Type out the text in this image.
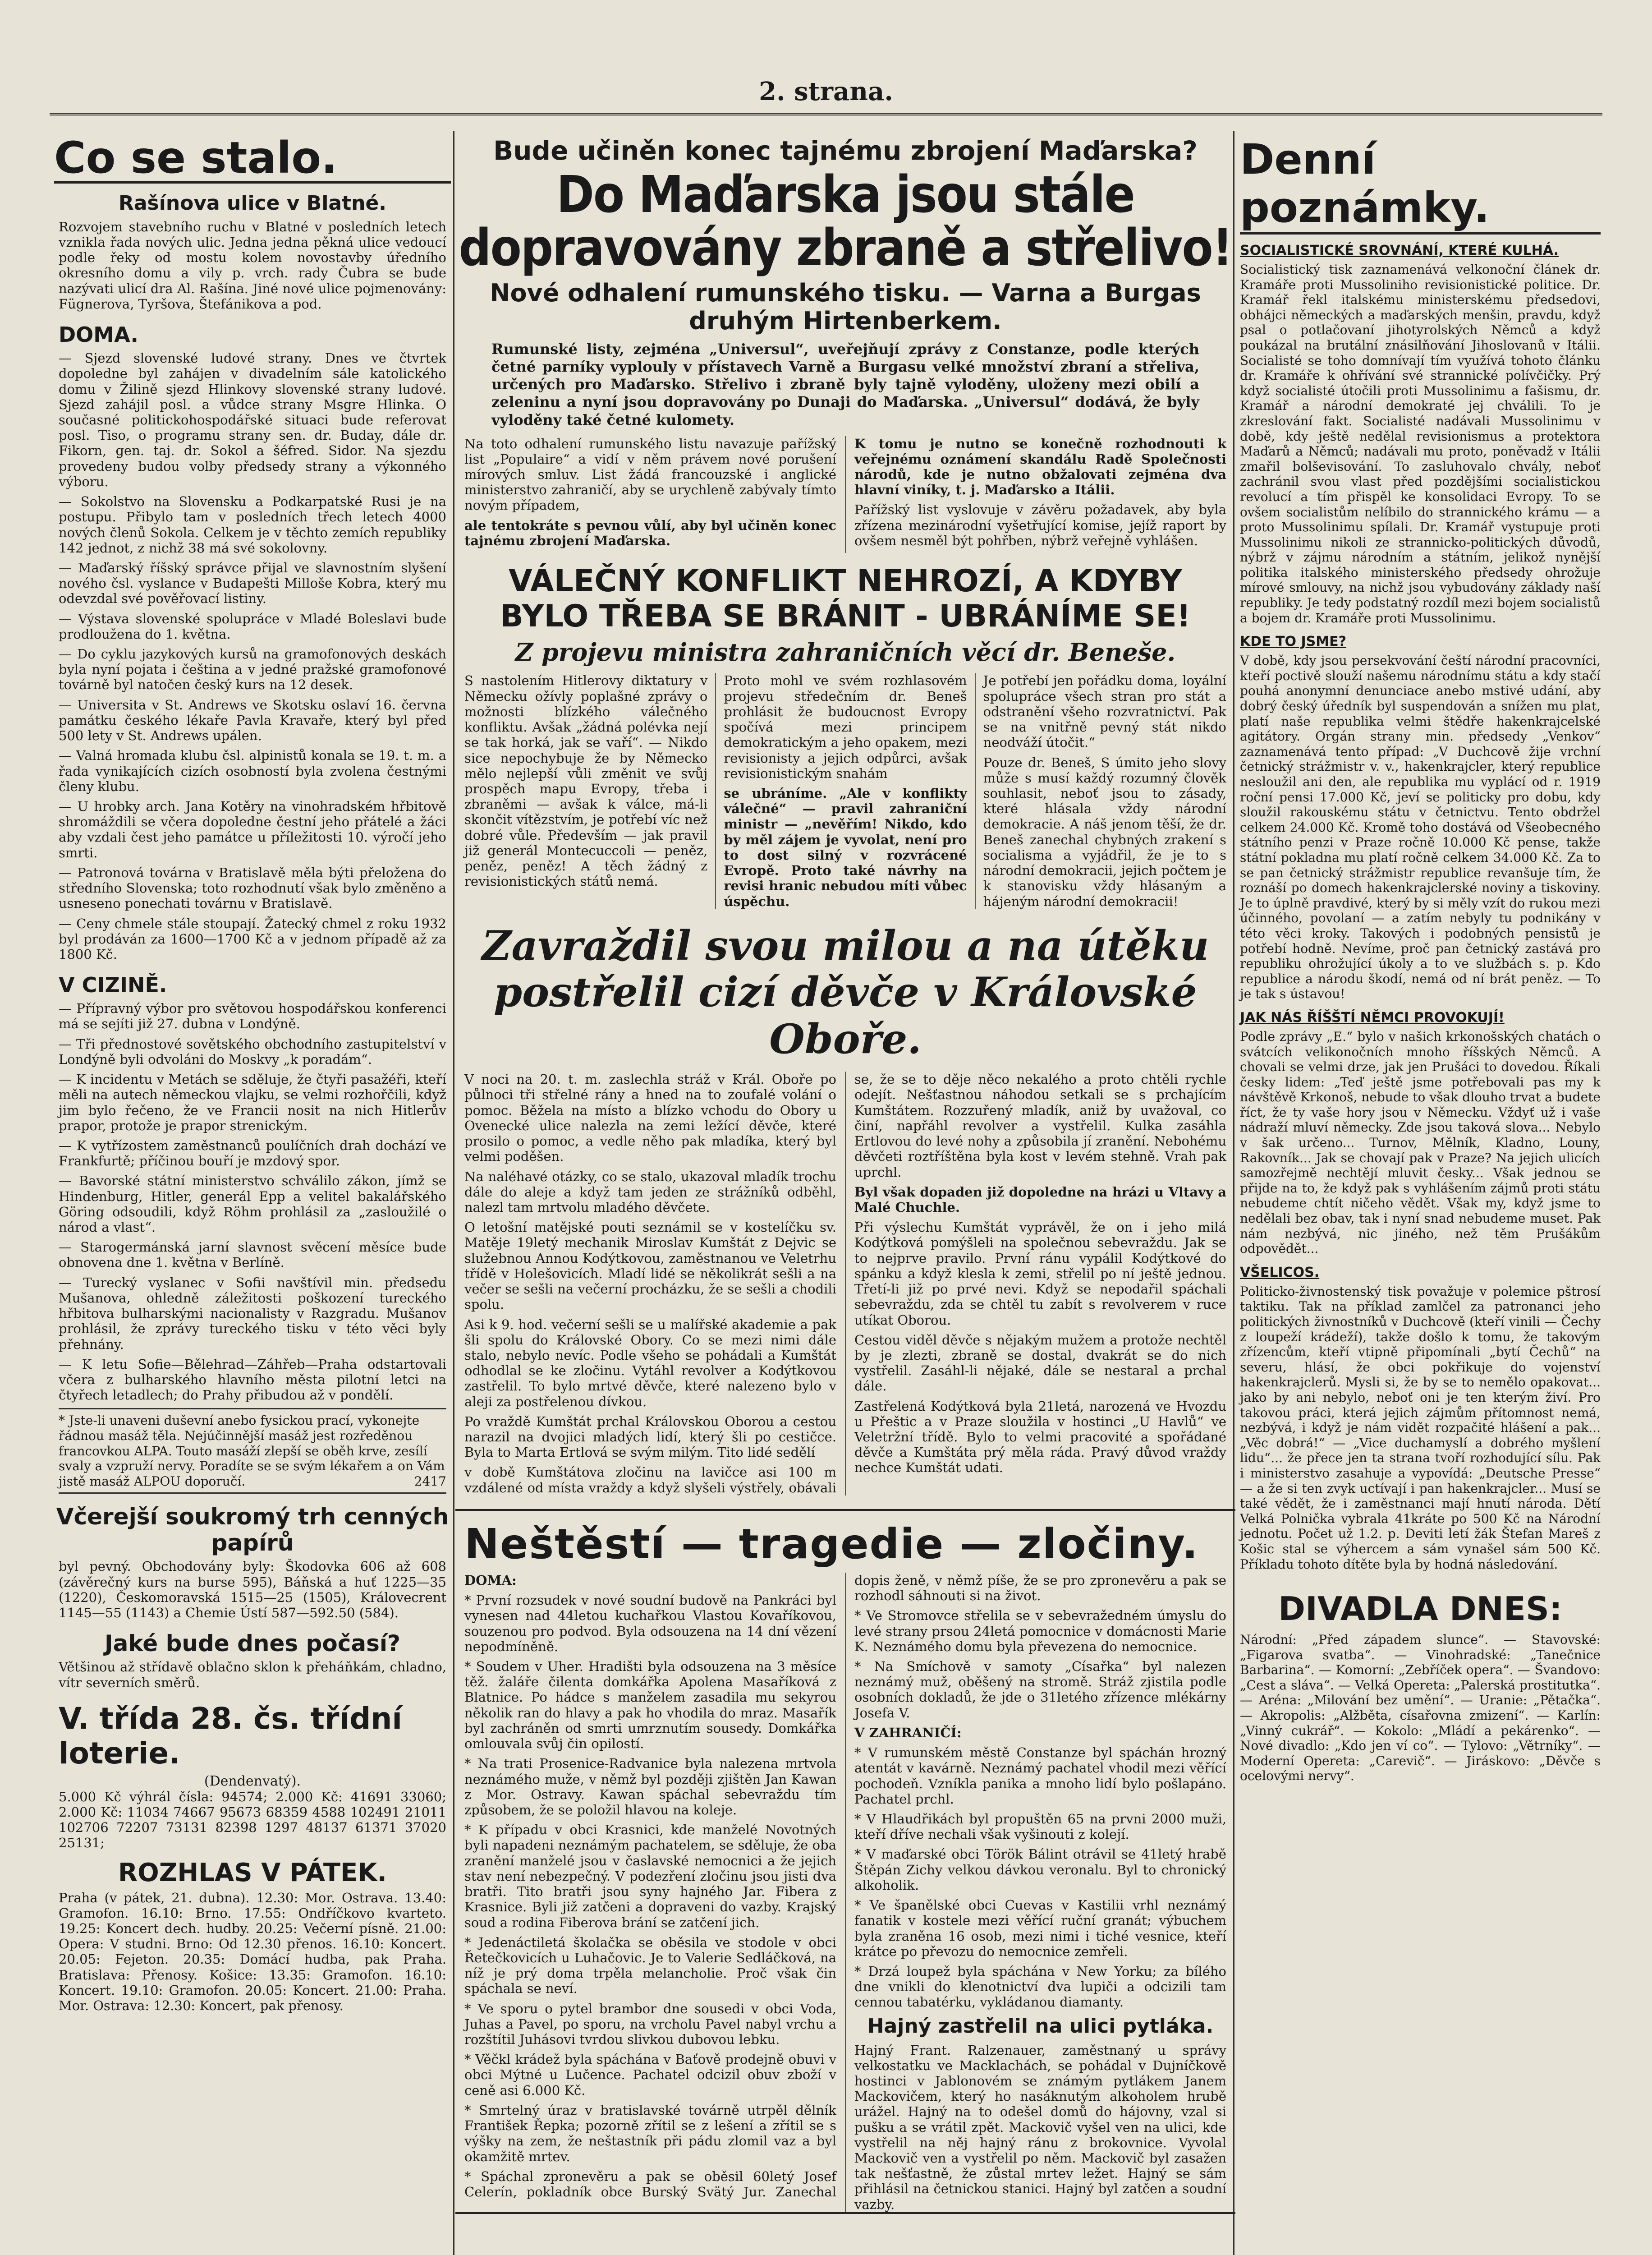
2. strana.
Co se stalo.
Rašínova ulice v Blatné.

Rozvojem stavebního ruchu v Blatné v posledních letech vznikla řada nových ulic. Jedna jedna pěkná ulice vedoucí podle řeky od mostu kolem novostavby úředního okresního domu a vily p. vrch. rady Čubra se bude nazývati ulicí dra Al. Rašína. Jiné nové ulice pojmenovány: Fügnerova, Tyršova, Štefánikova a pod.

DOMA.

— Sjezd slovenské ludové strany. Dnes ve čtvrtek dopoledne byl zahájen v divadelním sále katolického domu v Žilině sjezd Hlinkovy slovenské strany ludové. Sjezd zahájil posl. a vůdce strany Msgre Hlinka. O současné politickohospodářské situaci bude referovat posl. Tiso, o programu strany sen. dr. Buday, dále dr. Fikorn, gen. taj. dr. Sokol a šéfred. Sidor. Na sjezdu provedeny budou volby předsedy strany a výkonného výboru.

— Sokolstvo na Slovensku a Podkarpatské Rusi je na postupu. Přibylo tam v posledních třech letech 4000 nových členů Sokola. Celkem je v těchto zemích republiky 142 jednot, z nichž 38 má své sokolovny.

— Maďarský říšský správce přijal ve slavnostním slyšení nového čsl. vyslance v Budapešti Milloše Kobra, který mu odevzdal své pověřovací listiny.

— Výstava slovenské spolupráce v Mladé Boleslavi bude prodloužena do 1. května.

— Do cyklu jazykových kursů na gramofonových deskách byla nyní pojata i čeština a v jedné pražské gramofonové továrně byl natočen český kurs na 12 desek.

— Universita v St. Andrews ve Skotsku oslaví 16. června památku českého lékaře Pavla Kravaře, který byl před 500 lety v St. Andrews upálen.

— Valná hromada klubu čsl. alpinistů konala se 19. t. m. a řada vynikajících cizích osobností byla zvolena čestnými členy klubu.

— U hrobky arch. Jana Kotěry na vinohradském hřbitově shromáždili se včera dopoledne čestní jeho přátelé a žáci aby vzdali čest jeho památce u příležitosti 10. výročí jeho smrti.

— Patronová továrna v Bratislavě měla býti přeložena do středního Slovenska; toto rozhodnutí však bylo změněno a usneseno ponechati továrnu v Bratislavě.

— Ceny chmele stále stoupají. Žatecký chmel z roku 1932 byl prodáván za 1600—1700 Kč a v jednom případě až za 1800 Kč.

V CIZINĚ.

— Přípravný výbor pro světovou hospodářskou konferenci má se sejíti již 27. dubna v Londýně.

— Tři přednostové sovětského obchodního zastupitelství v Londýně byli odvoláni do Moskvy „k poradám“.

— K incidentu v Metách se sděluje, že čtyři pasažéři, kteří měli na autech německou vlajku, se velmi rozhořčili, když jim bylo řečeno, že ve Francii nosit na nich Hitlerův prapor, protože je prapor strenickým.

— K vytřízostem zaměstnanců poulíčních drah dochází ve Frankfurtě; příčinou bouří je mzdový spor.

— Bavorské státní ministerstvo schválilo zákon, jímž se Hindenburg, Hitler, generál Epp a velitel bakalářského Göring odsoudili, když Röhm prohlásil za „zasloužilé o národ a vlast“.

— Starogermánská jarní slavnost svěcení měsíce bude obnovena dne 1. května v Berlíně.

— Turecký vyslanec v Sofii navštívil min. předsedu Mušanova, ohledně záležitosti poškození tureckého hřbitova bulharskými nacionalisty v Razgradu. Mušanov prohlásil, že zprávy tureckého tisku v této věci byly přehnány.

— K letu Sofie—Bělehrad—Záhřeb—Praha odstartovali včera z bulharského hlavního města pilotní letci na čtyřech letadlech; do Prahy přibudou až v pondělí.

* Jste-li unaveni duševní anebo fysickou prací, vykonejte řádnou masáž těla. Nejúčinnější masáž jest rozředěnou francovkou ALPA. Touto masáží zlepší se oběh krve, zesílí svaly a vzpruží nervy. Poradíte se se svým lékařem a on Vám jistě masáž ALPOU doporučí.	2417
Včerejší soukromý trh cenných papírů

byl pevný. Obchodovány byly: Škodovka 606 až 608 (závěrečný kurs na burse 595), Báňská a huť 1225—35 (1220), Českomoravská 1515—25 (1505), Královecrent 1145—55 (1143) a Chemie Ústí 587—592.50 (584).

Jaké bude dnes počasí?

Většinou až střídavě oblačno sklon k přeháňkám, chladno, vítr severních směrů.

V. třída 28. čs. třídní loterie.
(Dendenvatý).

5.000 Kč výhrál čísla: 94574; 2.000 Kč: 41691 33060; 2.000 Kč: 11034 74667 95673 68359 4588 102491 21011 102706 72207 73131 82398 1297 48137 61371 37020 25131;

ROZHLAS V PÁTEK.

Praha (v pátek, 21. dubna). 12.30: Mor. Ostrava. 13.40: Gramofon. 16.10: Brno. 17.55: Ondříčkovo kvarteto. 19.25: Koncert dech. hudby. 20.25: Večerní písně. 21.00: Opera: V studni. Brno: Od 12.30 přenos. 16.10: Koncert. 20.05: Fejeton. 20.35: Domácí hudba, pak Praha. Bratislava: Přenosy. Košice: 13.35: Gramofon. 16.10: Koncert. 19.10: Gramofon. 20.05: Koncert. 21.00: Praha. Mor. Ostrava: 12.30: Koncert, pak přenosy.

Bude učiněn konec tajnému zbrojení Maďarska?
Do Maďarska jsou stále dopravovány zbraně a střelivo!
Nové odhalení rumunského tisku. — Varna a Burgas druhým Hirtenberkem.
Rumunské listy, zejména „Universul“, uveřejňují zprávy z Constanze, podle kterých četné parníky vyplouly v přístavech Varně a Burgasu velké množství zbraní a střeliva, určených pro Maďarsko. Střelivo i zbraně byly tajně vyloděny, uloženy mezi obilí a zeleninu a nyní jsou dopravovány po Dunaji do Maďarska. „Universul“ dodává, že byly vyloděny také četné kulomety.

Na toto odhalení rumunského listu navazuje pařížský list „Populaire“ a vidí v něm právem nové porušení mírových smluv. List žádá francouzské i anglické ministerstvo zahraničí, aby se urychleně zabývaly tímto novým případem,

ale tentokráte s pevnou vůlí, aby byl učiněn konec tajnému zbrojení Maďarska.

K tomu je nutno se konečně rozhodnouti k veřejnému oznámení skandálu Radě Společnosti národů, kde je nutno obžalovati zejména dva hlavní viníky, t. j. Maďarsko a Itálii.

Pařížský list vyslovuje v závěru požadavek, aby byla zřízena mezinárodní vyšetřující komise, jejíž raport by ovšem nesměl být pohřben, nýbrž veřejně vyhlášen.

VÁLEČNÝ KONFLIKT NEHROZÍ, A KDYBY BYLO TŘEBA SE BRÁNIT - UBRÁNÍME SE!
Z projevu ministra zahraničních věcí dr. Beneše.

S nastolením Hitlerovy diktatury v Německu ožívly poplašné zprávy o možnosti blízkého válečného konfliktu. Avšak „žádná polévka nejí se tak horká, jak se vaří“. — Nikdo sice nepochybuje že by Německo mělo nejlepší vůli změnit ve svůj prospěch mapu Evropy, třeba i zbraněmi — avšak k válce, má-li skončit vítězstvím, je potřebí víc než dobré vůle. Především — jak pravil již generál Montecuccoli — peněz, peněz, peněz! A těch žádný z revisionistických států nemá.

Proto mohl ve svém rozhlasovém projevu středečním dr. Beneš prohlásit že budoucnost Evropy spočívá mezi principem demokratickým a jeho opakem, mezi revisionisty a jejich odpůrci, avšak revisionistickým snahám

se ubráníme. „Ale v konflikty válečné“ — pravil zahraniční ministr — „nevěřím! Nikdo, kdo by měl zájem je vyvolat, není pro to dost silný v rozvrácené Evropě. Proto také návrhy na revisi hranic nebudou míti vůbec úspěchu.

Je potřebí jen pořádku doma, loyální spolupráce všech stran pro stát a odstranění všeho rozvratnictví. Pak se na vnitřně pevný stát nikdo neodváží útočit.“

Pouze dr. Beneš, S úmito jeho slovy může s musí každý rozumný člověk souhlasit, neboť jsou to zásady, které hlásala vždy národní demokracie. A náš jenom těší, že dr. Beneš zanechal chybných zrakení s socialisma a vyjádřil, že je to s národní demokracii, jejich počtem je k stanovisku vždy hlásaným a hájeným národní demokracii!

Zavraždil svou milou a na útěku postřelil cizí děvče v Královské Oboře.

V noci na 20. t. m. zaslechla stráž v Král. Oboře po půlnoci tři střelné rány a hned na to zoufalé volání o pomoc. Běžela na místo a blízko vchodu do Obory u Ovenecké ulice nalezla na zemi ležící děvče, které prosilo o pomoc, a vedle něho pak mladíka, který byl velmi poděšen.

Na naléhavé otázky, co se stalo, ukazoval mladík trochu dále do aleje a když tam jeden ze strážníků odběhl, nalezl tam mrtvolu mladého děvčete.

O letošní matějské pouti seznámil se v kostelíčku sv. Matěje 19letý mechanik Miroslav Kumštát z Dejvic se služebnou Annou Kodýtkovou, zaměstnanou ve Veletrhu třídě v Holešovicích. Mladí lidé se několikrát sešli a na večer se sešli na večerní procházku, že se sešli a chodili spolu.

Asi k 9. hod. večerní sešli se u malířské akademie a pak šli spolu do Královské Obory. Co se mezi nimi dále stalo, nebylo nevíc. Podle všeho se pohádali a Kumštát odhodlal se ke zločinu. Vytáhl revolver a Kodýtkovou zastřelil. To bylo mrtvé děvče, které nalezeno bylo v aleji za postřelenou dívkou.

Po vraždě Kumštát prchal Královskou Oborou a cestou narazil na dvojici mladých lidí, který šli po cestičce. Byla to Marta Ertlová se svým milým. Tito lidé sedělí

v době Kumštátova zločinu na lavičce asi 100 m vzdálené od místa vraždy a když slyšeli výstřely, obávali se, že se to děje něco nekalého a proto chtěli rychle odejít. Nešťastnou náhodou setkali se s prchajícím Kumštátem. Rozzuřený mladík, aniž by uvažoval, co činí, napřáhl revolver a vystřelil. Kulka zasáhla Ertlovou do levé nohy a způsobila jí zranění. Nebohému děvčeti roztříštěna byla kost v levém stehně. Vrah pak uprchl.

Byl však dopaden již dopoledne na hrázi u Vltavy a Malé Chuchle.

Při výslechu Kumštát vyprávěl, že on i jeho milá Kodýtková pomýšleli na společnou sebevraždu. Jak se to nejprve pravilo. První ránu vypálil Kodýtkové do spánku a když klesla k zemi, střelil po ní ještě jednou. Třetí-li již po prvé nevi. Když se nepodařil spáchali sebevraždu, zda se chtěl tu zabít s revolverem v ruce utíkat Oborou.

Cestou viděl děvče s nějakým mužem a protože nechtěl by je zlezti, zbraně se dostal, dvakrát se do nich vystřelil. Zasáhl-li nějaké, dále se nestaral a prchal dále.

Zastřelená Kodýtková byla 21letá, narozená ve Hvozdu u Přeštic a v Praze sloužila v hostinci „U Havlů“ ve Veletržní třídě. Bylo to velmi pracovité a spořádané děvče a Kumštáta prý měla ráda. Pravý důvod vraždy nechce Kumštát udati.

Neštěstí — tragedie — zločiny.

DOMA:

* První rozsudek v nové soudní budově na Pankráci byl vynesen nad 44letou kuchařkou Vlastou Kovaříkovou, souzenou pro podvod. Byla odsouzena na 14 dní vězení nepodmíněně.

* Soudem v Uher. Hradišti byla odsouzena na 3 měsíce těž. žaláře čilenta domkářka Apolena Masaříková z Blatnice. Po hádce s manželem zasadila mu sekyrou několik ran do hlavy a pak ho vhodila do mraz. Masařík byl zachráněn od smrti umrznutím sousedy. Domkářka omlouvala svůj čin opilostí.

* Na trati Prosenice-Radvanice byla nalezena mrtvola neznámého muže, v němž byl později zjištěn Jan Kawan z Mor. Ostravy. Kawan spáchal sebevraždu tím způsobem, že se položil hlavou na koleje.

* K případu v obci Krasnici, kde manželé Novotných byli napadeni neznámým pachatelem, se sděluje, že oba zranění manželé jsou v časlavské nemocnici a že jejich stav není nebezpečný. V podezření zločinu jsou jisti dva bratři. Tito bratři jsou syny hajného Jar. Fibera z Krasnice. Byli již zatčeni a dopraveni do vazby. Krajský soud a rodina Fiberova brání se zatčení jich.

* Jedenáctiletá školačka se oběsila ve stodole v obci Řetečkovicích u Luhačovic. Je to Valerie Sedláčková, na níž je prý doma trpěla melancholie. Proč však čin spáchala se neví.

* Ve sporu o pytel brambor dne sousedi v obci Voda, Juhas a Pavel, po sporu, na vrcholu Pavel nabyl vrchu a rozštítil Juhásovi tvrdou slivkou dubovou lebku.

* Věčkl krádež byla spáchána v Baťově prodejně obuvi v obci Mýtné u Lučence. Pachatel odcizil obuv zboží v ceně asi 6.000 Kč.

* Smrtelný úraz v bratislavské továrně utrpěl dělník František Řepka; pozorně zřítil se z lešení a zřítil se s výšky na zem, že neštastník při pádu zlomil vaz a byl okamžitě mrtev.

* Spáchal zpronevěru a pak se oběsil 60letý Josef Celerín, pokladník obce Burský Svätý Jur. Zanechal dopis ženě, v němž píše, že se pro zpronevěru a pak se rozhodl sáhnouti si na život.

* Ve Stromovce střelila se v sebevražedném úmyslu do levé strany prsou 24letá pomocnice v domácnosti Marie K. Neznámého domu byla převezena do nemocnice.

* Na Smíchově v samoty „Císařka“ byl nalezen neznámý muž, oběšený na stromě. Stráž zjistila podle osobních dokladů, že jde o 31letého zřízence mlékárny Josefa V.

V ZAHRANIČÍ:

* V rumunském městě Constanze byl spáchán hrozný atentát v kavárně. Neznámý pachatel vhodil mezi věřící pochodeň. Vzníkla panika a mnoho lidí bylo pošlapáno. Pachatel prchl.

* V Hlaudřikách byl propuštěn 65 na prvni 2000 muži, kteří dříve nechali však vyšinouti z kolejí.

* V maďarské obci Török Bálint otrávil se 41letý hrabě Štěpán Zichy velkou dávkou veronalu. Byl to chronický alkoholik.

* Ve španělské obci Cuevas v Kastilii vrhl neznámý fanatik v kostele mezi věřící ruční granát; výbuchem byla zraněna 16 osob, mezi nimi i tiché vesnice, kteří krátce po převozu do nemocnice zemřeli.

* Drzá loupež byla spáchána v New Yorku; za bílého dne vnikli do klenotnictví dva lupiči a odcizili tam cennou tabatérku, vykládanou diamanty.

Hajný zastřelil na ulici pytláka.

Hajný Frant. Ralzenauer, zaměstnaný u správy velkostatku ve Macklachách, se pohádal v Dujníčkově hostinci v Jablonovém se známým pytlákem Janem Mackovičem, který ho nasáknutým alkoholem hrubě urážel. Hajný na to odešel domů do hájovny, vzal si pušku a se vrátil zpět. Mackovič vyšel ven na ulici, kde vystřelil na něj hajný ránu z brokovnice. Vyvolal Mackovič ven a vystřelil po něm. Mackovič byl zasažen tak nešťastně, že zůstal mrtev ležet. Hajný se sám přihlásil na četnickou stanici. Hajný byl zatčen a soudní vazby.

Denní poznámky.
SOCIALISTICKÉ SROVNÁNÍ, KTERÉ KULHÁ.

Socialistický tisk zaznamenává velkonoční článek dr. Kramáře proti Mussoliniho revisionistické politice. Dr. Kramář řekl italskému ministerskému předsedovi, obhájci německých a maďarských menšin, pravdu, když psal o potlačovaní jihotyrolských Němců a když poukázal na brutální znásilňování Jihoslovanů v Itálii. Socialisté se toho domnívají tím využívá tohoto článku dr. Kramáře k ohřívání své strannické polívčičky. Prý když socialisté útočili proti Mussolinimu a fašismu, dr. Kramář a národní demokraté jej chválili. To je zkreslování fakt. Socialisté nadávali Mussolinimu v době, kdy ještě nedělal revisionismus a protektora Maďarů a Němců; nadávali mu proto, poněvadž v Itálii zmařil bolševisování. To zasluhovalo chvály, neboť zachránil svou vlast před pozdějšími socialistickou revolucí a tím přispěl ke konsolidaci Evropy. To se ovšem socialistům nelíbilo do strannického krámu — a proto Mussolinimu spílali. Dr. Kramář vystupuje proti Mussolinimu nikoli ze strannicko-politických důvodů, nýbrž v zájmu národním a státním, jelikož nynější politika italského ministerského předsedy ohrožuje mírové smlouvy, na nichž jsou vybudovány základy naší republiky. Je tedy podstatný rozdíl mezi bojem socialistů a bojem dr. Kramáře proti Mussolinimu.

KDE TO JSME?

V době, kdy jsou persekvování čeští národní pracovníci, kteří poctivě slouží našemu národnímu státu a kdy stačí pouhá anonymní denunciace anebo mstivé udání, aby dobrý český úředník byl suspendován a snížen mu plat, platí naše republika velmi štědře hakenkrajcelské agitátory. Orgán strany min. předsedy „Venkov“ zaznamenává tento případ: „V Duchcově žije vrchní četnický strážmistr v. v., hakenkrajcler, který republice nesloužil ani den, ale republika mu vyplácí od r. 1919 roční pensi 17.000 Kč, jeví se politicky pro dobu, kdy sloužil rakouskému státu v četnictvu. Tento obdržel celkem 24.000 Kč. Kromě toho dostává od Všeobecného státního penzi v Praze ročně 10.000 Kč pense, takže státní pokladna mu platí ročně celkem 34.000 Kč. Za to se pan četnický strážmistr republice revanšuje tím, že roznáší po domech hakenkrajclerské noviny a tiskoviny. Je to úplně pravdivé, který by si měly vzít do rukou mezi účinného, povolaní — a zatím nebyly tu podnikány v této věci kroky. Takových i podobných pensistů je potřebí hodně. Nevíme, proč pan četnický zastává pro republiku ohrožující úkoly a to ve službách s. p. Kdo republice a národu škodí, nemá od ní brát peněz. — To je tak s ústavou!

JAK NÁS ŘÍŠŠTÍ NĚMCI PROVOKUJÍ!

Podle zprávy „E.“ bylo v našich krkonošských chatách o svátcích velikonočních mnoho říšských Němců. A chovali se velmi drze, jak jen Prušáci to dovedou. Říkali česky lidem: „Teď ještě jsme potřebovali pas my k návštěvě Krkonoš, nebude to však dlouho trvat a budete říct, že ty vaše hory jsou v Německu. Vždyť už i vaše nádraží mluví německy. Zde jsou taková slova... Nebylo v šak určeno... Turnov, Mělník, Kladno, Louny, Rakovník... Jak se chovají pak v Praze? Na jejich ulicích samozřejmě nechtějí mluvit česky... Však jednou se přijde na to, že když pak s vyhlášením zájmů proti státu nebudeme chtít ničeho vědět. Však my, když jsme to nedělali bez obav, tak i nyní snad nebudeme muset. Pak nám nezbývá, nic jiného, než těm Prušákům odpovědět...

VŠELICOS.

Politicko-živnostenský tisk považuje v polemice pštrosí taktiku. Tak na příklad zamlčel za patronanci jeho politických živnostníků v Duchcově (kteří vinili — Čechy z loupeží krádeží), takže došlo k tomu, že takovým zřízencům, kteří vtipně připomínali „bytí Čechů“ na severu, hlásí, že obci pokřikuje do vojenství hakenkrajclerů. Mysli si, že by se to nemělo opakovat... jako by ani nebylo, neboť oni je ten kterým živí. Pro takovou práci, která jejich zájmům přítomnost nemá, nezbývá, i když je nám vidět rozpačité hlášení a pak... „Věc dobrá!“ — „Vice duchamyslí a dobrého myšlení lidu“... že přece jen ta strana tvoří rozhodující sílu. Pak i ministerstvo zasahuje a vypovídá: „Deutsche Presse“ — a že si ten zvyk uctívají i pan hakenkrajcler... Musí se také vědět, že i zaměstnanci mají hnutí národa. Dětí Velká Polnička vybrala 41kráte po 500 Kč na Národní jednotu. Počet už 1.2. p. Deviti letí žák Štefan Mareš z Košic stal se výhercem a sám vynašel sám 500 Kč. Příkladu tohoto dítěte byla by hodná následování.

DIVADLA DNES:

Národní: „Před západem slunce“. — Stavovské: „Figarova svatba“. — Vinohradské: „Tanečnice Barbarina“. — Komorní: „Zebříček opera“. — Švandovo: „Cest a sláva“. — Velká Opereta: „Palerská prostitutka“. — Aréna: „Milování bez umění“. — Uranie: „Pětačka“. — Akropolis: „Alžběta, císařovna zmizení“. — Karlín: „Vinný cukrář“. — Kokolo: „Mládí a pekárenko“. — Nové divadlo: „Kdo jen ví co“. — Tylovo: „Větrníky“. — Moderní Opereta: „Carevič“. — Jiráskovo: „Děvče s ocelovými nervy“.
